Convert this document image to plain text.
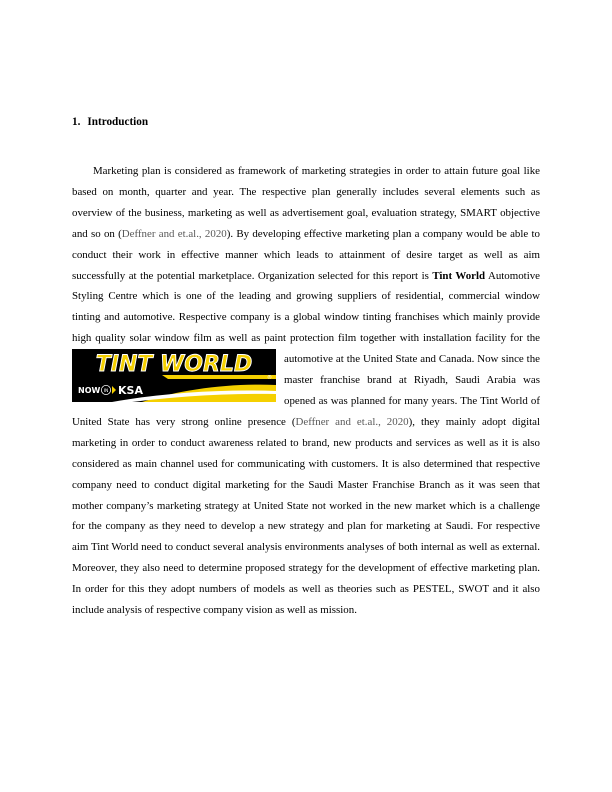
1. Introduction

Marketing plan is considered as framework of marketing strategies in order to attain future goal like based on month, quarter and year. The respective plan generally includes several elements such as overview of the business, marketing as well as advertisement goal, evaluation strategy, SMART objective and so on (Deffner and et.al., 2020). By developing effective marketing plan a company would be able to conduct their work in effective manner which leads to attainment of desire target as well as aim successfully at the potential marketplace. Organization selected for this report is Tint World Automotive Styling Centre which is one of the leading and growing suppliers of residential, commercial window tinting and automotive. Respective company is a global window tinting franchises which mainly provide high quality solar window film as well as paint protection film together with installation facility for the automotive at the United State and Canada.
TINT WORLD
®
NOW IN KSA
Now since the master franchise brand at Riyadh, Saudi Arabia was opened as was planned for many years. The Tint World of United State has very strong online presence (Deffner and et.al., 2020), they mainly adopt digital marketing in order to conduct awareness related to brand, new products and services as well as it is also considered as main channel used for communicating with customers. It is also determined that respective company need to conduct digital marketing for the Saudi Master Franchise Branch as it was seen that mother company’s marketing strategy at United State not worked in the new market which is a challenge for the company as they need to develop a new strategy and plan for marketing at Saudi. For respective aim Tint World need to conduct several analysis environments analyses of both internal as well as external. Moreover, they also need to determine proposed strategy for the development of effective marketing plan. In order for this they adopt numbers of models as well as theories such as PESTEL, SWOT and it also include analysis of respective company vision as well as mission.
